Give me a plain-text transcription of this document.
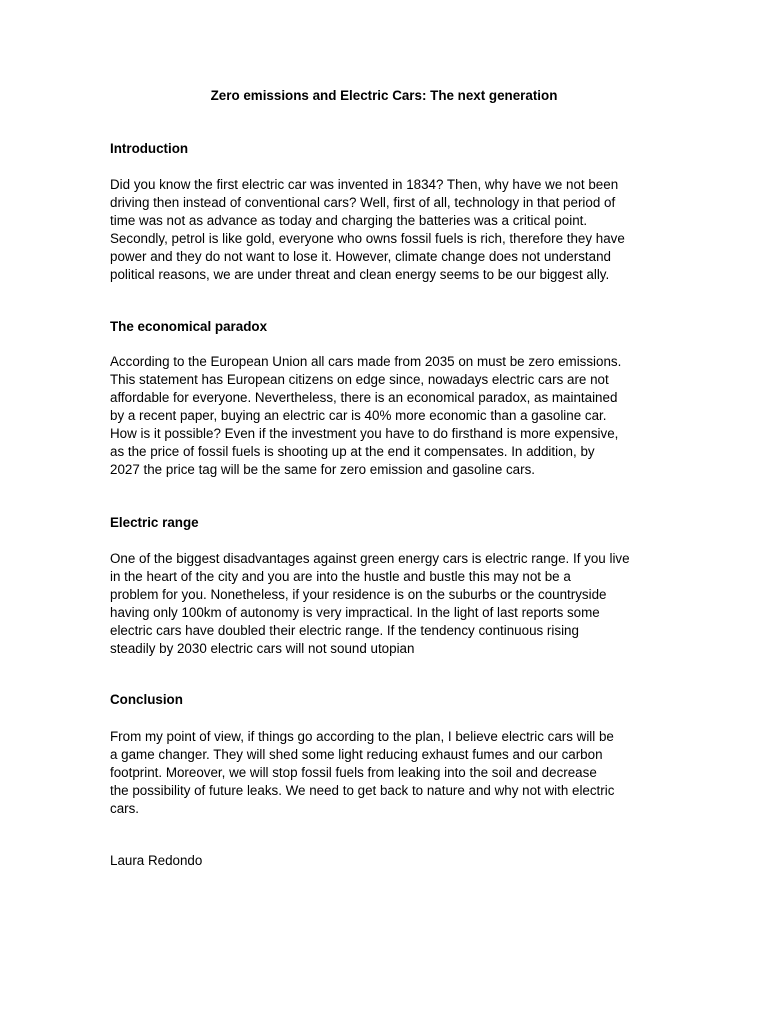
Zero emissions and Electric Cars: The next generation
Introduction

Did you know the first electric car was invented in 1834? Then, why have we not been
driving then instead of conventional cars? Well, first of all, technology in that period of
time was not as advance as today and charging the batteries was a critical point.
Secondly, petrol is like gold, everyone who owns fossil fuels is rich, therefore they have
power and they do not want to lose it. However, climate change does not understand
political reasons, we are under threat and clean energy seems to be our biggest ally.

The economical paradox

According to the European Union all cars made from 2035 on must be zero emissions.
This statement has European citizens on edge since, nowadays electric cars are not
affordable for everyone. Nevertheless, there is an economical paradox, as maintained
by a recent paper, buying an electric car is 40% more economic than a gasoline car.
How is it possible? Even if the investment you have to do firsthand is more expensive,
as the price of fossil fuels is shooting up at the end it compensates. In addition, by
2027 the price tag will be the same for zero emission and gasoline cars.

Electric range

One of the biggest disadvantages against green energy cars is electric range. If you live
in the heart of the city and you are into the hustle and bustle this may not be a
problem for you. Nonetheless, if your residence is on the suburbs or the countryside
having only 100km of autonomy is very impractical. In the light of last reports some
electric cars have doubled their electric range. If the tendency continuous rising
steadily by 2030 electric cars will not sound utopian

Conclusion

From my point of view, if things go according to the plan, I believe electric cars will be
a game changer. They will shed some light reducing exhaust fumes and our carbon
footprint. Moreover, we will stop fossil fuels from leaking into the soil and decrease
the possibility of future leaks. We need to get back to nature and why not with electric
cars.

Laura Redondo
